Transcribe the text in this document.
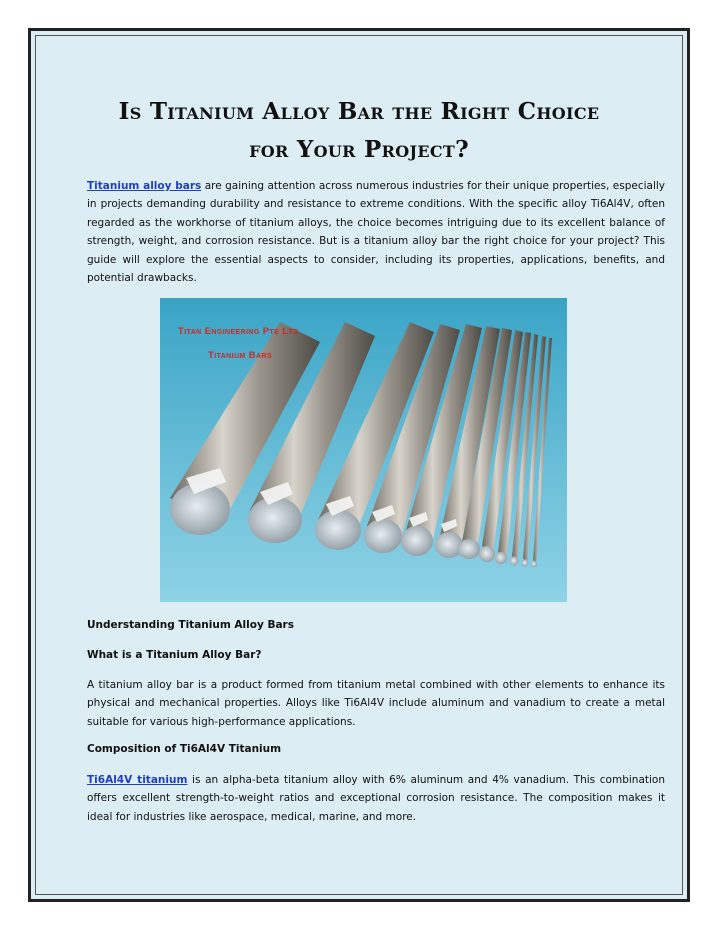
Is Titanium Alloy Bar the Right Choice
for Your Project?

Titanium alloy bars are gaining attention across numerous industries for their unique properties, especially in projects demanding durability and resistance to extreme conditions. With the specific alloy Ti6Al4V, often regarded as the workhorse of titanium alloys, the choice becomes intriguing due to its excellent balance of strength, weight, and corrosion resistance. But is a titanium alloy bar the right choice for your project? This guide will explore the essential aspects to consider, including its properties, applications, benefits, and potential drawbacks.

Titan Engineering Pte Ltd
Titanium Bars

Understanding Titanium Alloy Bars

What is a Titanium Alloy Bar?

A titanium alloy bar is a product formed from titanium metal combined with other elements to enhance its physical and mechanical properties. Alloys like Ti6Al4V include aluminum and vanadium to create a metal suitable for various high-performance applications.

Composition of Ti6Al4V Titanium

Ti6Al4V titanium is an alpha-beta titanium alloy with 6% aluminum and 4% vanadium. This combination offers excellent strength-to-weight ratios and exceptional corrosion resistance. The composition makes it ideal for industries like aerospace, medical, marine, and more.
